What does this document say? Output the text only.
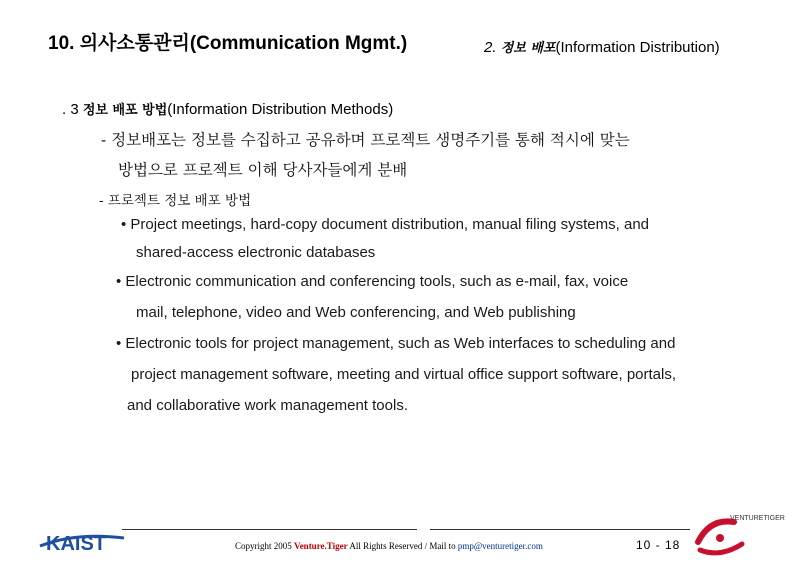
10. 의사소통관리(Communication Mgmt.)	2. 정보 배포(Information Distribution)
. 3 정보 배포 방법(Information Distribution Methods)
- 정보배포는 정보를 수집하고 공유하며 프로젝트 생명주기를 통해 적시에 맞는
방법으로 프로젝트 이해 당사자들에게 분배
- 프로젝트 정보 배포 방법
• Project meetings, hard-copy document distribution, manual filing systems, and
shared-access electronic databases
• Electronic communication and conferencing tools, such as e-mail, fax, voice
mail, telephone, video and Web conferencing, and Web publishing
• Electronic tools for project management, such as Web interfaces to scheduling and
project management software, meeting and virtual office support software, portals,
and collaborative work management tools.
KAIST	Copyright 2005 Venture.Tiger All Rights Reserved / Mail to pmp@venturetiger.com	10 - 18
VENTURETIGER
